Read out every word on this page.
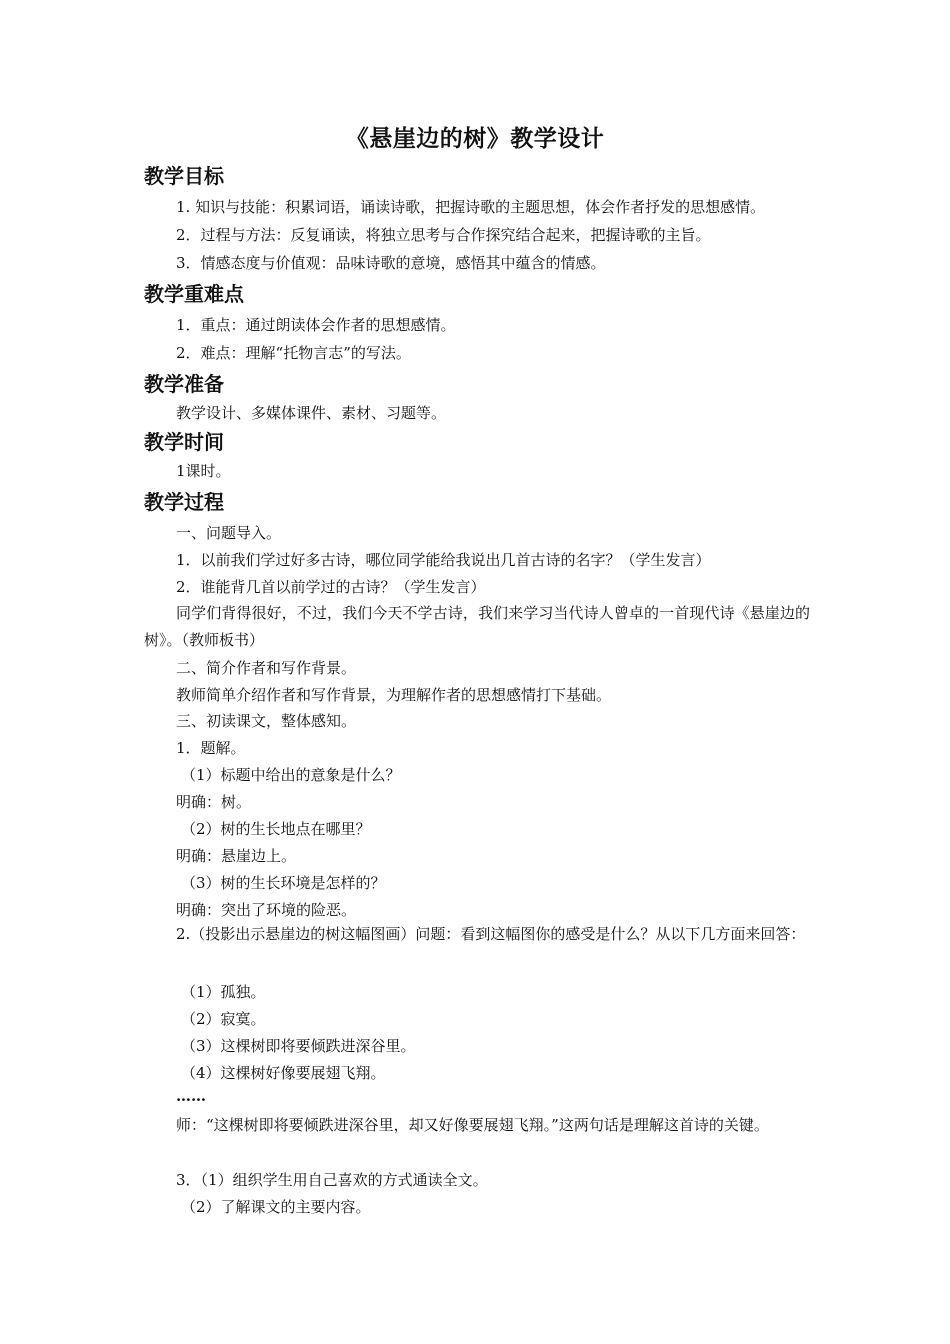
《悬崖边的树》教学设计
教学目标
1. 知识与技能：积累词语，诵读诗歌，把握诗歌的主题思想，体会作者抒发的思想感情。
2．过程与方法：反复诵读，将独立思考与合作探究结合起来，把握诗歌的主旨。
3．情感态度与价值观：品味诗歌的意境，感悟其中蕴含的情感。
教学重难点
1．重点：通过朗读体会作者的思想感情。
2．难点：理解“托物言志”的写法。
教学准备
教学设计、多媒体课件、素材、习题等。
教学时间
1课时。
教学过程
一、问题导入。
1．以前我们学过好多古诗，哪位同学能给我说出几首古诗的名字？（学生发言）
2．谁能背几首以前学过的古诗？（学生发言）
同学们背得很好，不过，我们今天不学古诗，我们来学习当代诗人曾卓的一首现代诗《悬崖边的树》。（教师板书）
二、简介作者和写作背景。
教师简单介绍作者和写作背景，为理解作者的思想感情打下基础。
三、初读课文，整体感知。
1．题解。
（1）标题中给出的意象是什么？
明确：树。
（2）树的生长地点在哪里？
明确：悬崖边上。
（3）树的生长环境是怎样的？
明确：突出了环境的险恶。
2.（投影出示悬崖边的树这幅图画）问题：看到这幅图你的感受是什么？从以下几方面来回答：
（1）孤独。
（2）寂寞。
（3）这棵树即将要倾跌进深谷里。
（4）这棵树好像要展翅飞翔。
……
师：“这棵树即将要倾跌进深谷里，却又好像要展翅飞翔。”这两句话是理解这首诗的关键。
3．（1）组织学生用自己喜欢的方式通读全文。
（2）了解课文的主要内容。
